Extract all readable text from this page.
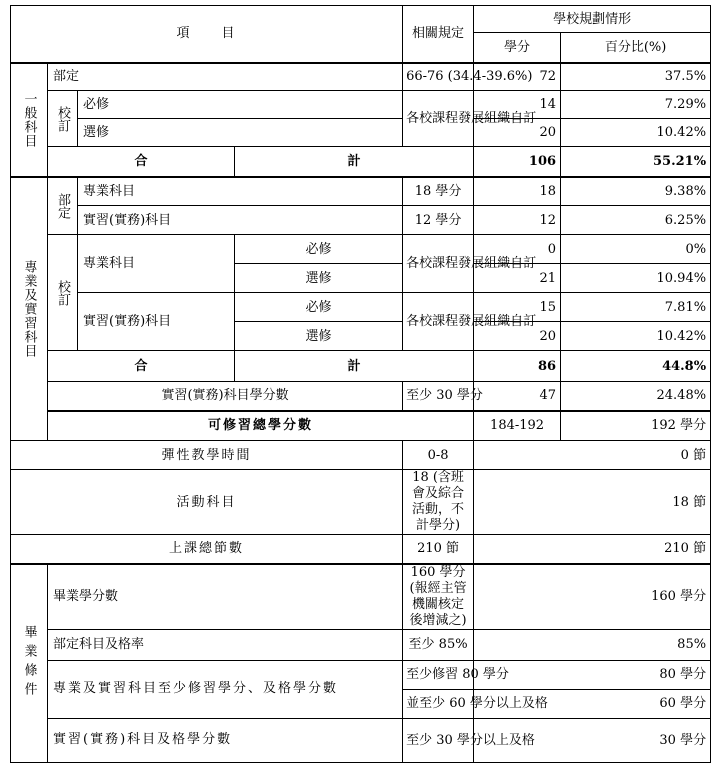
項　　目				相關規定	學校規劃情形	
					學分	百分比(%)	
一般科目	部定			66-76 (34.4-39.6%)	72	37.5%	
	校訂	必修		各校課程發展組織自訂	14	7.29%	
		選修			20	10.42%	
	合		計		106	55.21%	
專業及實習科目	部定	專業科目		18 學分	18	9.38%	
		實習(實務)科目		12 學分	12	6.25%	
	校訂	專業科目	必修	各校課程發展組織自訂	0	0%	
			選修		21	10.94%	
		實習(實務)科目	必修	各校課程發展組織自訂	15	7.81%	
			選修		20	10.42%	
	合		計		86	44.8%	
	實習(實務)科目學分數			至少 30 學分	47	24.48%	
	可修習總學分數				184-192	192 學分	
彈性教學時間				0-8	0 節		
活動科目				18 (含班會及綜合活動，不計學分)	18 節		
上課總節數				210 節	210 節		
畢業條件	畢業學分數			160 學分(報經主管機關核定後增減之)	160 學分		
	部定科目及格率			至少 85%	85%		
	專業及實習科目至少修習學分、及格學分數			至少修習 80 學分	80 學分		
				並至少 60 學分以上及格	60 學分		
	實習(實務)科目及格學分數			至少 30 學分以上及格	30 學分		
